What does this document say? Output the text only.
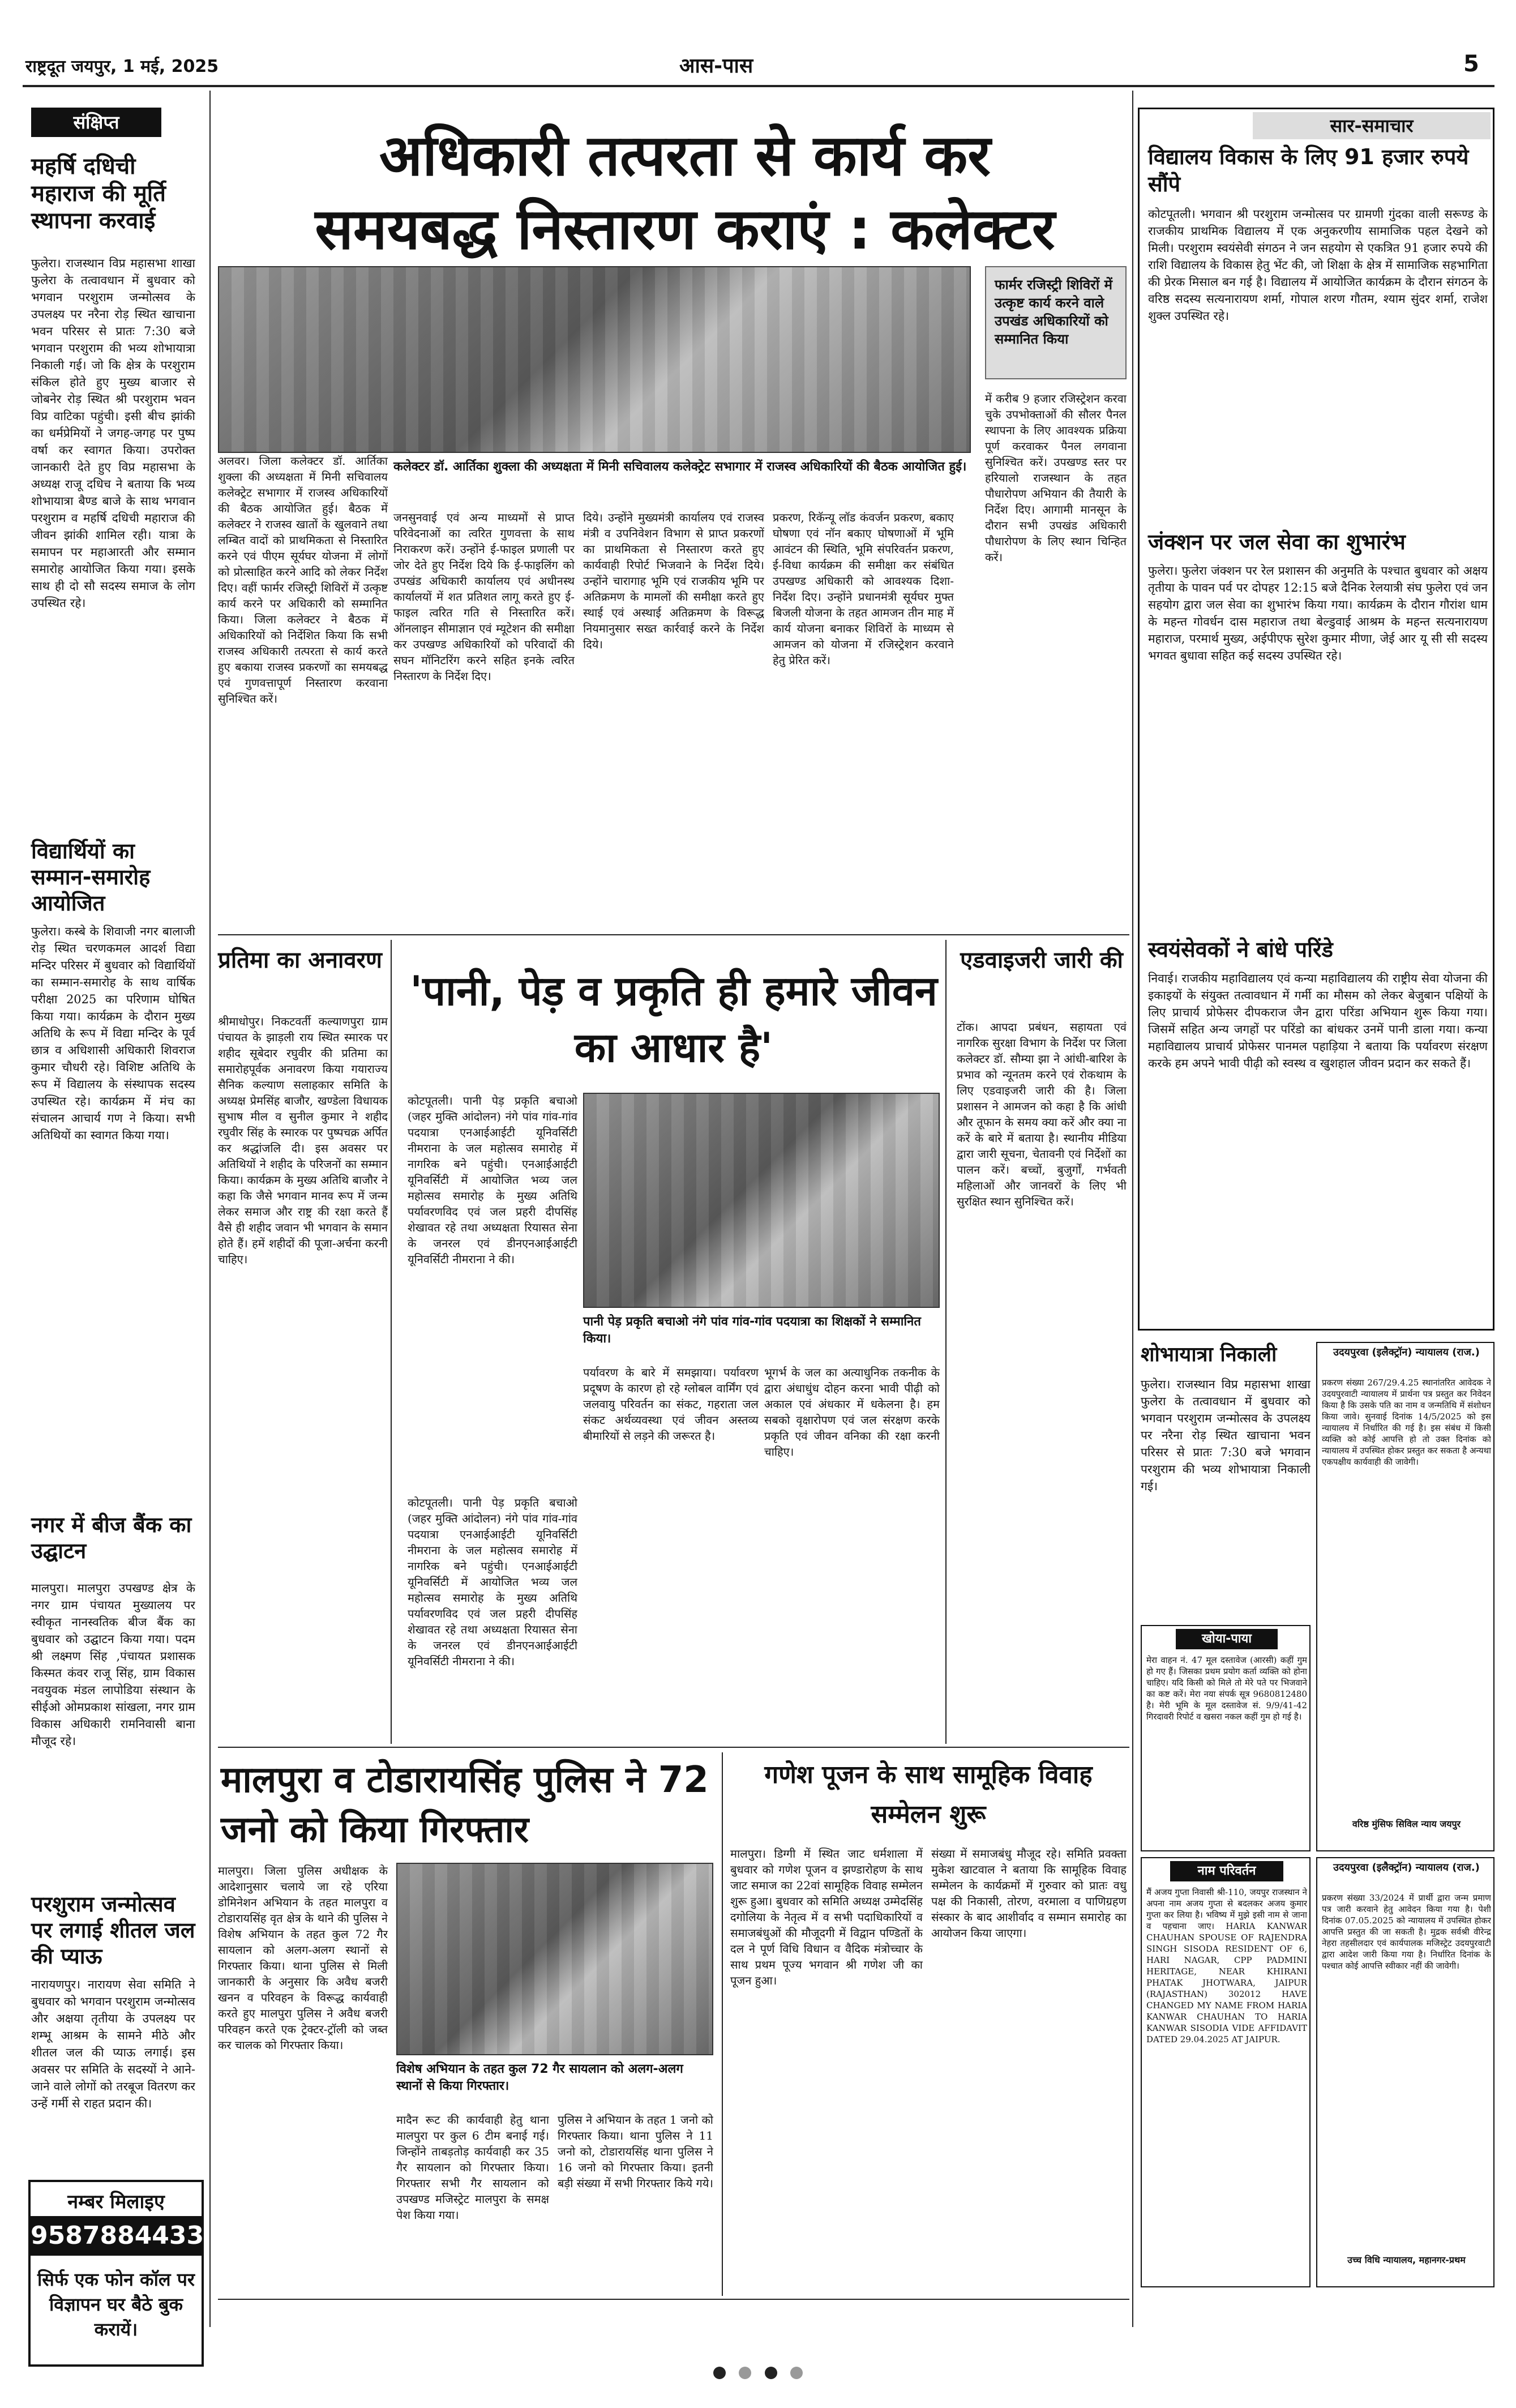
राष्ट्रदूत जयपुर, 1 मई, 2025	आस-पास	5
संक्षिप्त
महर्षि दधिची महाराज की मूर्ति स्थापना करवाई
फुलेरा। राजस्थान विप्र महासभा शाखा फुलेरा के तत्वावधान में बुधवार को भगवान परशुराम जन्मोत्सव के उपलक्ष्य पर नरैना रोड़ स्थित खाचाना भवन परिसर से प्रातः 7:30 बजे भगवान परशुराम की भव्य शोभायात्रा निकाली गई। जो कि क्षेत्र के परशुराम संकिल होते हुए मुख्य बाजार से जोबनेर रोड़ स्थित श्री परशुराम भवन विप्र वाटिका पहुंची। इसी बीच झांकी का धर्मप्रेमियों ने जगह-जगह पर पुष्प वर्षा कर स्वागत किया। उपरोक्त जानकारी देते हुए विप्र महासभा के अध्यक्ष राजू दधिच ने बताया कि भव्य शोभायात्रा बैण्ड बाजे के साथ भगवान परशुराम व महर्षि दधिची महाराज की जीवन झांकी शामिल रही। यात्रा के समापन पर महाआरती और सम्मान समारोह आयोजित किया गया। इसके साथ ही दो सौ सदस्य समाज के लोग उपस्थित रहे।
विद्यार्थियों का सम्मान-समारोह आयोजित
फुलेरा। कस्बे के शिवाजी नगर बालाजी रोड़ स्थित चरणकमल आदर्श विद्या मन्दिर परिसर में बुधवार को विद्यार्थियों का सम्मान-समारोह के साथ वार्षिक परीक्षा 2025 का परिणाम घोषित किया गया। कार्यक्रम के दौरान मुख्य अतिथि के रूप में विद्या मन्दिर के पूर्व छात्र व अधिशासी अधिकारी शिवराज कुमार चौधरी रहे। विशिष्ट अतिथि के रूप में विद्यालय के संस्थापक सदस्य उपस्थित रहे। कार्यक्रम में मंच का संचालन आचार्य गण ने किया। सभी अतिथियों का स्वागत किया गया।
नगर में बीज बैंक का उद्घाटन
मालपुरा। मालपुरा उपखण्ड क्षेत्र के नगर ग्राम पंचायत मुख्यालय पर स्वीकृत नानस्वतिक बीज बैंक का बुधवार को उद्घाटन किया गया। पदम श्री लक्ष्मण सिंह ,पंचायत प्रशासक किस्मत कंवर राजू सिंह, ग्राम विकास नवयुवक मंडल लापोडिया संस्थान के सीईओ ओमप्रकाश सांखला, नगर ग्राम विकास अधिकारी रामनिवासी बाना मौजूद रहे।
परशुराम जन्मोत्सव पर लगाई शीतल जल की प्याऊ
नारायणपुर। नारायण सेवा समिति ने बुधवार को भगवान परशुराम जन्मोत्सव और अक्षया तृतीया के उपलक्ष्य पर शम्भू आश्रम के सामने मीठे और शीतल जल की प्याऊ लगाई। इस अवसर पर समिति के सदस्यों ने आने-जाने वाले लोगों को तरबूज वितरण कर उन्हें गर्मी से राहत प्रदान की।
नम्बर मिलाइए
9587884433
सिर्फ एक फोन कॉल पर विज्ञापन घर बैठे बुक करायें।
अधिकारी तत्परता से कार्य कर समयबद्ध निस्तारण कराएं : कलेक्टर
कलेक्टर डॉ. आर्तिका शुक्ला की अध्यक्षता में मिनी सचिवालय कलेक्ट्रेट सभागार में राजस्व अधिकारियों की बैठक आयोजित हुई।
अलवर। जिला कलेक्टर डॉ. आर्तिका शुक्ला की अध्यक्षता में मिनी सचिवालय कलेक्ट्रेट सभागार में राजस्व अधिकारियों की बैठक आयोजित हुई। बैठक में कलेक्टर ने राजस्व खातों के खुलवाने तथा लम्बित वादों को प्राथमिकता से निस्तारित करने एवं पीएम सूर्यघर योजना में लोगों को प्रोत्साहित करने आदि को लेकर निर्देश दिए। वहीं फार्मर रजिस्ट्री शिविरों में उत्कृष्ट कार्य करने पर अधिकारी को सम्मानित किया। जिला कलेक्टर ने बैठक में अधिकारियों को निर्देशित किया कि सभी राजस्व अधिकारी तत्परता से कार्य करते हुए बकाया राजस्व प्रकरणों का समयबद्ध एवं गुणवत्तापूर्ण निस्तारण करवाना सुनिश्चित करें।
जनसुनवाई एवं अन्य माध्यमों से प्राप्त परिवेदनाओं का त्वरित गुणवत्ता के साथ निराकरण करें। उन्होंने ई-फाइल प्रणाली पर जोर देते हुए निर्देश दिये कि ई-फाइलिंग को उपखंड अधिकारी कार्यालय एवं अधीनस्थ कार्यालयों में शत प्रतिशत लागू करते हुए ई-फाइल त्वरित गति से निस्तारित करें। ऑनलाइन सीमाज्ञान एवं म्यूटेशन की समीक्षा कर उपखण्ड अधिकारियों को परिवादों की सघन मॉनिटरिंग करने सहित इनके त्वरित निस्तारण के निर्देश दिए।
दिये। उन्होंने मुख्यमंत्री कार्यालय एवं राजस्व मंत्री व उपनिवेशन विभाग से प्राप्त प्रकरणों का प्राथमिकता से निस्तारण करते हुए कार्यवाही रिपोर्ट भिजवाने के निर्देश दिये। उन्होंने चारागाह भूमि एवं राजकीय भूमि पर अतिक्रमण के मामलों की समीक्षा करते हुए स्थाई एवं अस्थाई अतिक्रमण के विरूद्ध नियमानुसार सख्त कार्रवाई करने के निर्देश दिये।
प्रकरण, रिकॅन्यू लॉड कंवर्जन प्रकरण, बकाए घोषणा एवं नॉन बकाए घोषणाओं में भूमि आवंटन की स्थिति, भूमि संपरिवर्तन प्रकरण, ई-विधा कार्यक्रम की समीक्षा कर संबंधित उपखण्ड अधिकारी को आवश्यक दिशा-निर्देश दिए। उन्होंने प्रधानमंत्री सूर्यघर मुफ्त बिजली योजना के तहत आमजन तीन माह में कार्य योजना बनाकर शिविरों के माध्यम से आमजन को योजना में रजिस्ट्रेशन करवाने हेतु प्रेरित करें।
फार्मर रजिस्ट्री शिविरों में उत्कृष्ट कार्य करने वाले उपखंड अधिकारियों को सम्मानित किया
में करीब 9 हजार रजिस्ट्रेशन करवा चुके उपभोक्ताओं की सौलर पैनल स्थापना के लिए आवश्यक प्रक्रिया पूर्ण करवाकर पैनल लगवाना सुनिश्चित करें। उपखण्ड स्तर पर हरियालो राजस्थान के तहत पौधारोपण अभियान की तैयारी के निर्देश दिए। आगामी मानसून के दौरान सभी उपखंड अधिकारी पौधारोपण के लिए स्थान चिन्हित करें।
सार-समाचार
विद्यालय विकास के लिए 91 हजार रुपये सौंपे
कोटपूतली। भगवान श्री परशुराम जन्मोत्सव पर ग्रामणी गुंदका वाली सरूण्ड के राजकीय प्राथमिक विद्यालय में एक अनुकरणीय सामाजिक पहल देखने को मिली। परशुराम स्वयंसेवी संगठन ने जन सहयोग से एकत्रित 91 हजार रुपये की राशि विद्यालय के विकास हेतु भेंट की, जो शिक्षा के क्षेत्र में सामाजिक सहभागिता की प्रेरक मिसाल बन गई है। विद्यालय में आयोजित कार्यक्रम के दौरान संगठन के वरिष्ठ सदस्य सत्यनारायण शर्मा, गोपाल शरण गौतम, श्याम सुंदर शर्मा, राजेश शुक्ल उपस्थित रहे।
जंक्शन पर जल सेवा का शुभारंभ
फुलेरा। फुलेरा जंक्शन पर रेल प्रशासन की अनुमति के पश्चात बुधवार को अक्षय तृतीया के पावन पर्व पर दोपहर 12:15 बजे दैनिक रेलयात्री संघ फुलेरा एवं जन सहयोग द्वारा जल सेवा का शुभारंभ किया गया। कार्यक्रम के दौरान गौरांश धाम के महन्त गोवर्धन दास महाराज तथा बेल्डुवाई आश्रम के महन्त सत्यनारायण महाराज, परमार्थ मुख्य, अईपीएफ सुरेश कुमार मीणा, जेई आर यू सी सी सदस्य भगवत बुधावा सहित कई सदस्य उपस्थित रहे।
स्वयंसेवकों ने बांधे परिंडे
निवाई। राजकीय महाविद्यालय एवं कन्या महाविद्यालय की राष्ट्रीय सेवा योजना की इकाइयों के संयुक्त तत्वावधान में गर्मी का मौसम को लेकर बेजुबान पक्षियों के लिए प्राचार्य प्रोफेसर दीपकराज जैन द्वारा परिंडा अभियान शुरू किया गया। जिसमें सहित अन्य जगहों पर परिंडो का बांधकर उनमें पानी डाला गया। कन्या महाविद्यालय प्राचार्य प्रोफेसर पानमल पहाड़िया ने बताया कि पर्यावरण संरक्षण करके हम अपने भावी पीढ़ी को स्वस्थ व खुशहाल जीवन प्रदान कर सकते हैं।
प्रतिमा का अनावरण
श्रीमाधोपुर। निकटवर्ती कल्याणपुरा ग्राम पंचायत के झाड़ली राय स्थित स्मारक पर शहीद सूबेदार रघुवीर की प्रतिमा का समारोहपूर्वक अनावरण किया गयाराज्य सैनिक कल्याण सलाहकार समिति के अध्यक्ष प्रेमसिंह बाजौर, खण्डेला विधायक सुभाष मील व सुनील कुमार ने शहीद रघुवीर सिंह के स्मारक पर पुष्पचक्र अर्पित कर श्रद्धांजलि दी। इस अवसर पर अतिथियों ने शहीद के परिजनों का सम्मान किया। कार्यक्रम के मुख्य अतिथि बाजौर ने कहा कि जैसे भगवान मानव रूप में जन्म लेकर समाज और राष्ट्र की रक्षा करते हैं वैसे ही शहीद जवान भी भगवान के समान होते हैं। हमें शहीदों की पूजा-अर्चना करनी चाहिए।
'पानी, पेड़ व प्रकृति ही हमारे जीवन का आधार है'
कोटपूतली। पानी पेड़ प्रकृति बचाओ (जहर मुक्ति आंदोलन) नंगे पांव गांव-गांव पदयात्रा एनआईआईटी यूनिवर्सिटी नीमराना के जल महोत्सव समारोह में नागरिक बने पहुंची। एनआईआईटी यूनिवर्सिटी में आयोजित भव्य जल महोत्सव समारोह के मुख्य अतिथि पर्यावरणविद एवं जल प्रहरी दीपसिंह शेखावत रहे तथा अध्यक्षता रियासत सेना के जनरल एवं डीनएनआईआईटी यूनिवर्सिटी नीमराना ने की।
पानी पेड़ प्रकृति बचाओ नंगे पांव गांव-गांव पदयात्रा का शिक्षकों ने सम्मानित किया।
पर्यावरण के बारे में समझाया। पर्यावरण प्रदूषण के कारण हो रहे ग्लोबल वार्मिंग एवं जलवायु परिवर्तन का संकट, गहराता जल संकट अर्थव्यवस्था एवं जीवन अस्तव्य बीमारियों से लड़ने की जरूरत है।
भूगर्भ के जल का अत्याधुनिक तकनीक के द्वारा अंधाधुंध दोहन करना भावी पीढ़ी को अकाल एवं अंधकार में धकेलना है। हम सबको वृक्षारोपण एवं जल संरक्षण करके प्रकृति एवं जीवन वनिका की रक्षा करनी चाहिए।
कोटपूतली। पानी पेड़ प्रकृति बचाओ (जहर मुक्ति आंदोलन) नंगे पांव गांव-गांव पदयात्रा एनआईआईटी यूनिवर्सिटी नीमराना के जल महोत्सव समारोह में नागरिक बने पहुंची। एनआईआईटी यूनिवर्सिटी में आयोजित भव्य जल महोत्सव समारोह के मुख्य अतिथि पर्यावरणविद एवं जल प्रहरी दीपसिंह शेखावत रहे तथा अध्यक्षता रियासत सेना के जनरल एवं डीनएनआईआईटी यूनिवर्सिटी नीमराना ने की।
एडवाइजरी जारी की
टोंक। आपदा प्रबंधन, सहायता एवं नागरिक सुरक्षा विभाग के निर्देश पर जिला कलेक्टर डॉ. सौम्या झा ने आंधी-बारिश के प्रभाव को न्यूनतम करने एवं रोकथाम के लिए एडवाइजरी जारी की है। जिला प्रशासन ने आमजन को कहा है कि आंधी और तूफान के समय क्या करें और क्या ना करें के बारे में बताया है। स्थानीय मीडिया द्वारा जारी सूचना, चेतावनी एवं निर्देशों का पालन करें। बच्चों, बुजुर्गों, गर्भवती महिलाओं और जानवरों के लिए भी सुरक्षित स्थान सुनिश्चित करें।
मालपुरा व टोडारायसिंह पुलिस ने 72 जनो को किया गिरफ्तार
मालपुरा। जिला पुलिस अधीक्षक के आदेशानुसार चलाये जा रहे एरिया डोमिनेशन अभियान के तहत मालपुरा व टोडारायसिंह वृत क्षेत्र के थाने की पुलिस ने विशेष अभियान के तहत कुल 72 गैर सायलान को अलग-अलग स्थानों से गिरफ्तार किया। थाना पुलिस से मिली जानकारी के अनुसार कि अवैध बजरी खनन व परिवहन के विरूद्ध कार्यवाही करते हुए मालपुरा पुलिस ने अवैध बजरी परिवहन करते एक ट्रेक्टर-ट्रॉली को जब्त कर चालक को गिरफ्तार किया।
विशेष अभियान के तहत कुल 72 गैर सायलान को अलग-अलग स्थानों से किया गिरफ्तार।
मादैन रूट की कार्यवाही हेतु थाना मालपुरा पर कुल 6 टीम बनाई गई। जिन्होंने ताबड़तोड़ कार्यवाही कर 35 गैर सायलान को गिरफ्तार किया। गिरफ्तार सभी गैर सायलान को उपखण्ड मजिस्ट्रेट मालपुरा के समक्ष पेश किया गया।
पुलिस ने अभियान के तहत 1 जनो को गिरफ्तार किया। थाना पुलिस ने 11 जनो को, टोडारायसिंह थाना पुलिस ने 16 जनो को गिरफ्तार किया। इतनी बड़ी संख्या में सभी गिरफ्तार किये गये।
गणेश पूजन के साथ सामूहिक विवाह सम्मेलन शुरू
मालपुरा। डिग्गी में स्थित जाट धर्मशाला में बुधवार को गणेश पूजन व झण्डारोहण के साथ जाट समाज का 22वां सामूहिक विवाह सम्मेलन शुरू हुआ। बुधवार को समिति अध्यक्ष उम्मेदसिंह दगोलिया के नेतृत्व में व सभी पदाधिकारियों व समाजबंधुओं की मौजूदगी में विद्वान पण्डितों के दल ने पूर्ण विधि विधान व वैदिक मंत्रोच्चार के साथ प्रथम पूज्य भगवान श्री गणेश जी का पूजन हुआ।
संख्या में समाजबंधु मौजूद रहे। समिति प्रवक्ता मुकेश खाटवाल ने बताया कि सामूहिक विवाह सम्मेलन के कार्यक्रमों में गुरुवार को प्रातः वधु पक्ष की निकासी, तोरण, वरमाला व पाणिग्रहण संस्कार के बाद आशीर्वाद व सम्मान समारोह का आयोजन किया जाएगा।
शोभायात्रा निकाली
फुलेरा। राजस्थान विप्र महासभा शाखा फुलेरा के तत्वावधान में बुधवार को भगवान परशुराम जन्मोत्सव के उपलक्ष्य पर नरैना रोड़ स्थित खाचाना भवन परिसर से प्रातः 7:30 बजे भगवान परशुराम की भव्य शोभायात्रा निकाली गई।
उदयपुरवा (इलैक्ट्रॉन) न्यायालय (राज.)
प्रकरण संख्या 267/29.4.25 स्थानांतरित आवेदक ने उदयपुरवाटी न्यायालय में प्रार्थना पत्र प्रस्तुत कर निवेदन किया है कि उसके पति का नाम व जन्मतिथि में संशोधन किया जावे। सुनवाई दिनांक 14/5/2025 को इस न्यायालय में निर्धारित की गई है। इस संबंध में किसी व्यक्ति को कोई आपत्ति हो तो उक्त दिनांक को न्यायालय में उपस्थित होकर प्रस्तुत कर सकता है अन्यथा एकपक्षीय कार्यवाही की जावेगी।
वरिष्ठ मुंसिफ सिविल न्याय जयपुर
खोया-पाया
मेरा वाहन नं. 47 मूल दस्तावेज (आरसी) कहीं गुम हो गए हैं। जिसका प्रथम प्रयोग कर्ता व्यक्ति को होना चाहिए। यदि किसी को मिले तो मेरे पते पर भिजवाने का कष्ट करें। मेरा नया संपर्क सूत्र 9680812480 है। मेरी भूमि के मूल दस्तावेज सं. 9/9/41-42 गिरदावरी रिपोर्ट व खसरा नकल कहीं गुम हो गई है।
नाम परिवर्तन
मैं अजय गुप्ता निवासी श्री-110, जयपुर राजस्थान ने अपना नाम अजय गुप्ता से बदलकर अजय कुमार गुप्ता कर लिया है। भविष्य में मुझे इसी नाम से जाना व पहचाना जाए। HARIA KANWAR CHAUHAN SPOUSE OF RAJENDRA SINGH SISODA RESIDENT OF 6, HARI NAGAR, CPP PADMINI HERITAGE, NEAR KHIRANI PHATAK JHOTWARA, JAIPUR (RAJASTHAN) 302012 HAVE CHANGED MY NAME FROM HARIA KANWAR CHAUHAN TO HARIA KANWAR SISODIA VIDE AFFIDAVIT DATED 29.04.2025 AT JAIPUR.
उदयपुरवा (इलैक्ट्रॉन) न्यायालय (राज.)
प्रकरण संख्या 33/2024 में प्रार्थी द्वारा जन्म प्रमाण पत्र जारी करवाने हेतु आवेदन किया गया है। पेशी दिनांक 07.05.2025 को न्यायालय में उपस्थित होकर आपत्ति प्रस्तुत की जा सकती है। मुद्रक सर्वश्री वीरेन्द्र नेहरा तहसीलदार एवं कार्यपालक मजिस्ट्रेट उदयपुरवाटी द्वारा आदेश जारी किया गया है। निर्धारित दिनांक के पश्चात कोई आपत्ति स्वीकार नहीं की जावेगी।
उच्च विधि न्यायालय, महानगर-प्रथम
